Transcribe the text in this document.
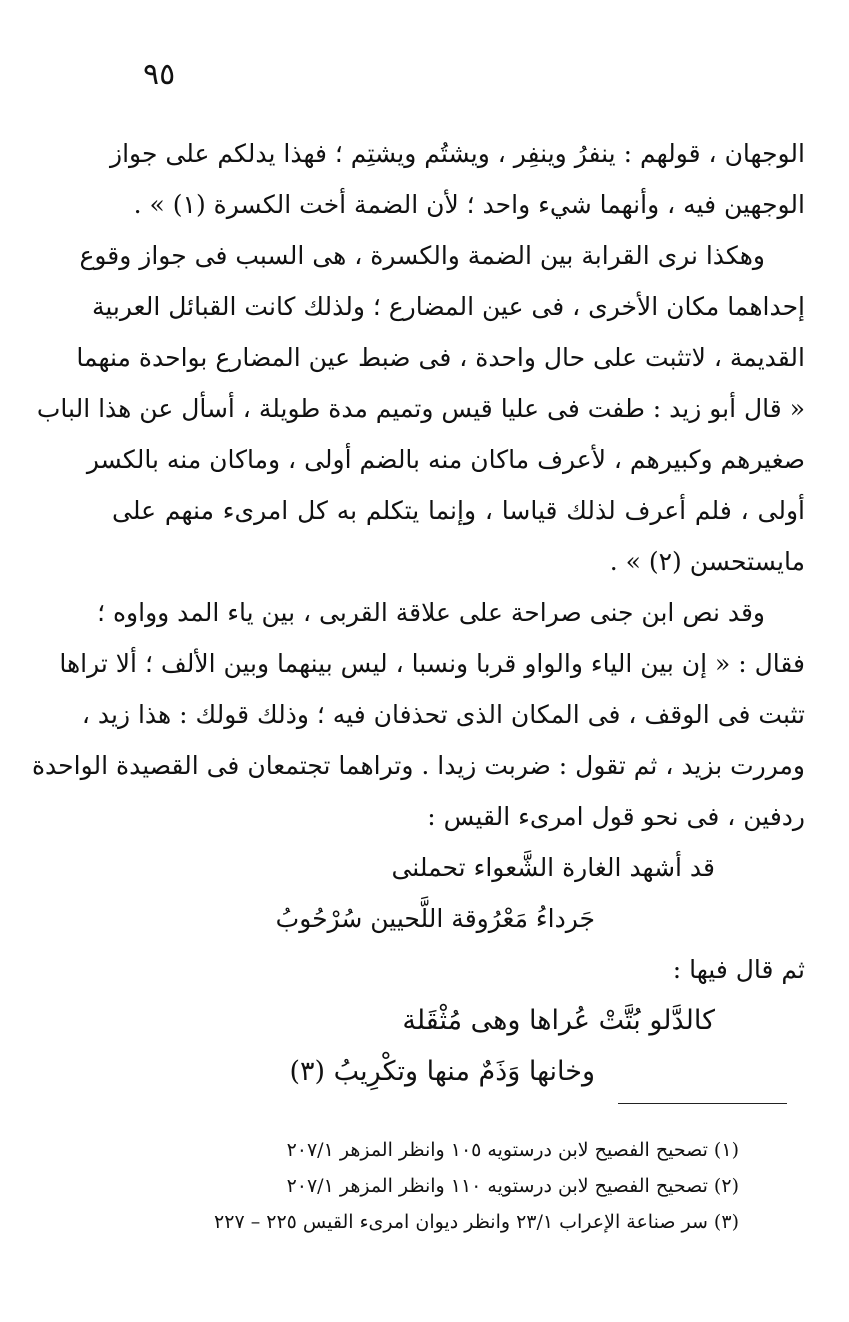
٩٥
الوجهان ، قولهم : ينفرُ وينفِر ، ويشتُم ويشتِم ؛ فهذا يدلكم على جواز
الوجهين فيه ، وأنهما شيء واحد ؛ لأن الضمة أخت الكسرة (١) » .
وهكذا نرى القرابة بين الضمة والكسرة ، هى السبب فى جواز وقوع
إحداهما مكان الأخرى ، فى عين المضارع ؛ ولذلك كانت القبائل العربية
القديمة ، لاتثبت على حال واحدة ، فى ضبط عين المضارع بواحدة منهما
« قال أبو زيد : طفت فى عليا قيس وتميم مدة طويلة ، أسأل عن هذا الباب
صغيرهم وكبيرهم ، لأعرف ماكان منه بالضم أولى ، وماكان منه بالكسر
أولى ، فلم أعرف لذلك قياسا ، وإنما يتكلم به كل امرىء منهم على
مايستحسن (٢) » .
وقد نص ابن جنى صراحة على علاقة القربى ، بين ياء المد وواوه ؛
فقال : « إن بين الياء والواو قربا ونسبا ، ليس بينهما وبين الألف ؛ ألا تراها
تثبت فى الوقف ، فى المكان الذى تحذفان فيه ؛ وذلك قولك : هذا زيد ،
ومررت بزيد ، ثم تقول : ضربت زيدا . وتراهما تجتمعان فى القصيدة الواحدة
ردفين ، فى نحو قول امرىء القيس :
قد أشهد الغارة الشَّعواء تحملنى
جَرداءُ مَعْرُوقة اللَّحيين سُرْحُوبُ
ثم قال فيها :
كالدَّلو بُتَّتْ عُراها وهى مُثْقَلة
وخانها وَذَمٌ منها وتكْرِيبُ (٣)
(١) تصحيح الفصيح لابن درستويه ١٠٥ وانظر المزهر ٢٠٧/١
(٢) تصحيح الفصيح لابن درستويه ١١٠ وانظر المزهر ٢٠٧/١
(٣) سر صناعة الإعراب ٢٣/١ وانظر ديوان امرىء القيس ٢٢٥ – ٢٢٧
